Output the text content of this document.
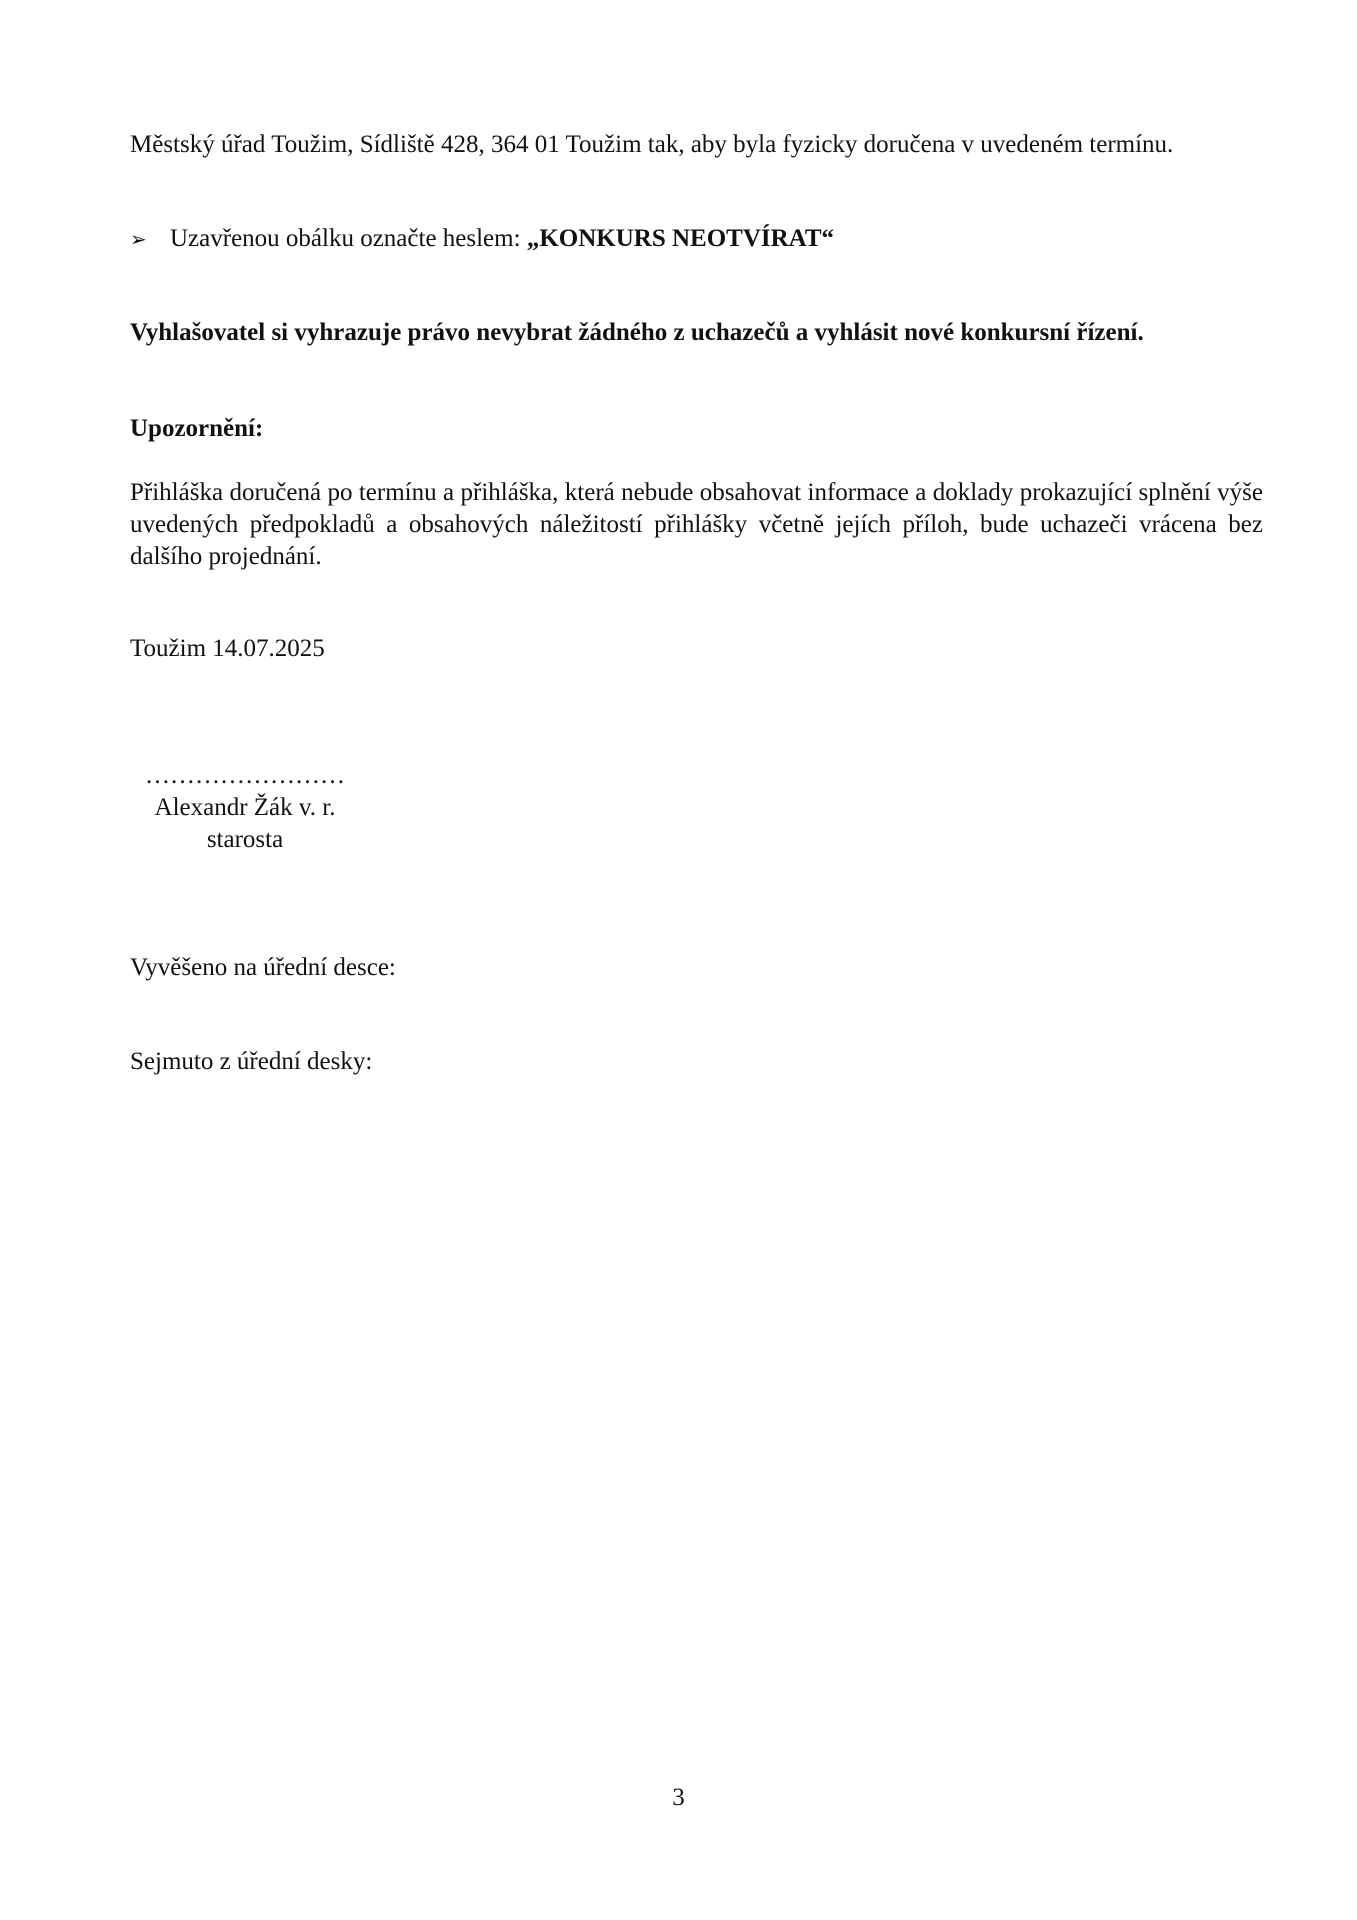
Městský úřad Toužim, Sídliště 428, 364 01 Toužim tak, aby byla fyzicky doručena v uvedeném termínu.
➢ Uzavřenou obálku označte heslem: „KONKURS NEOTVÍRAT“
Vyhlašovatel si vyhrazuje právo nevybrat žádného z uchazečů a vyhlásit nové konkursní řízení.
Upozornění:
Přihláška doručená po termínu a přihláška, která nebude obsahovat informace a doklady prokazující splnění výše uvedených předpokladů a obsahových náležitostí přihlášky včetně jejích příloh, bude uchazeči vrácena bez dalšího projednání.
Toužim 14.07.2025
……………………
Alexandr Žák v. r.
starosta
Vyvěšeno na úřední desce:
Sejmuto z úřední desky:
3
